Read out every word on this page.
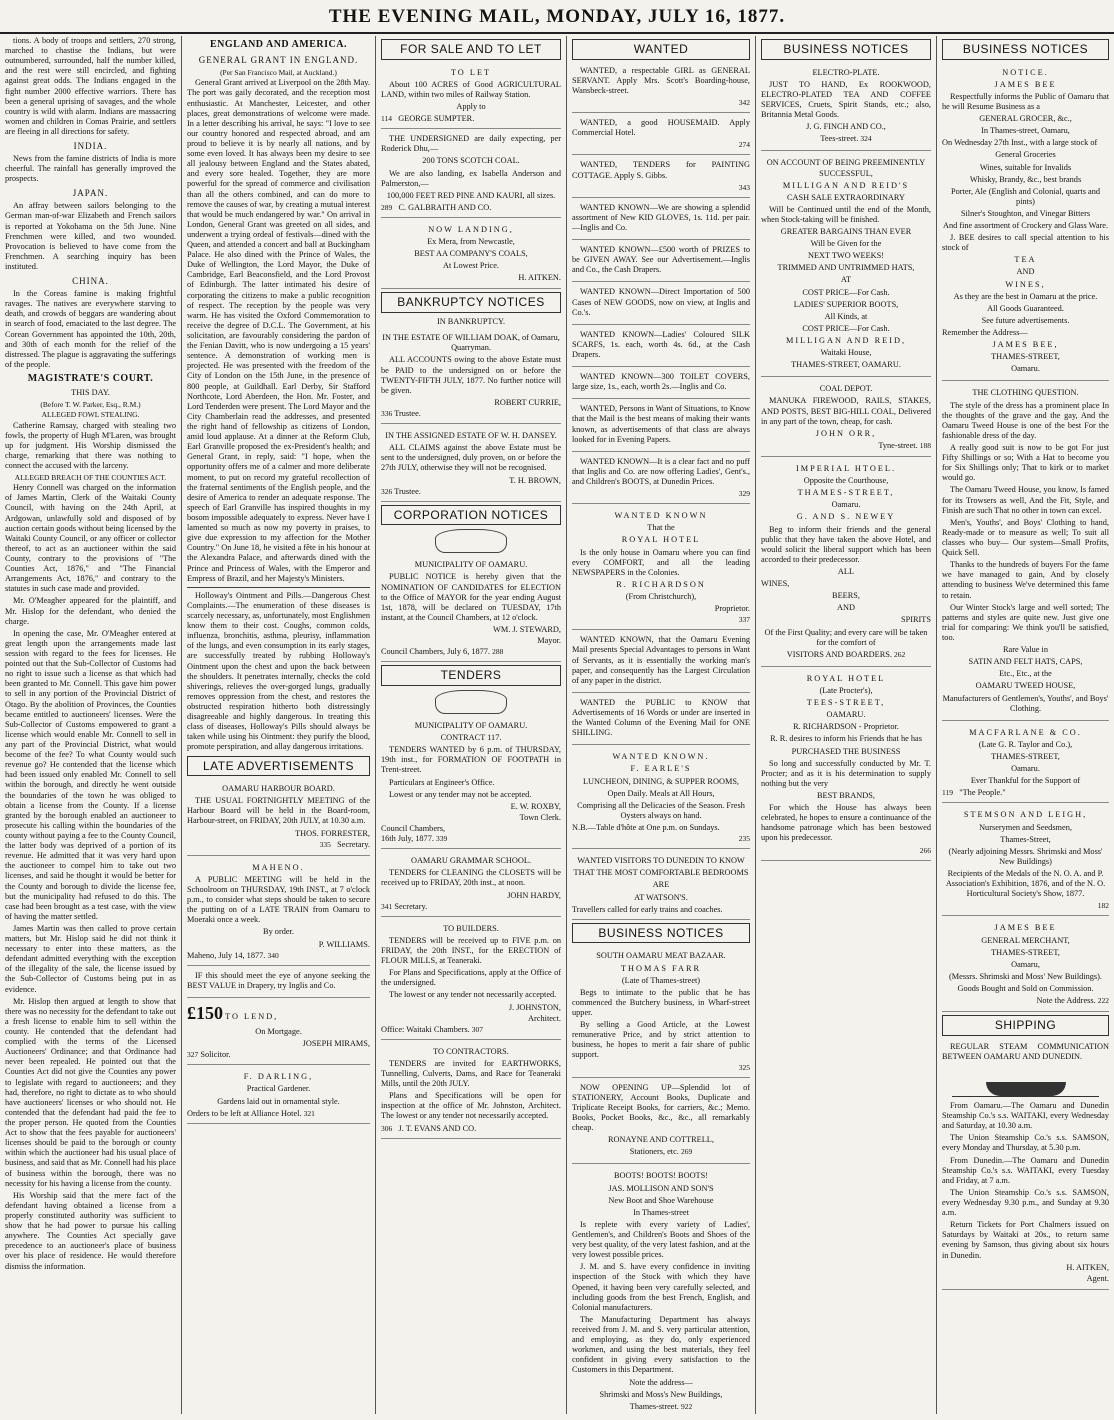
THE EVENING MAIL, MONDAY, JULY 16, 1877.

tions. A body of troops and settlers, 270 strong, marched to chastise the Indians, but were outnumbered, surrounded, half the number killed, and the rest were still encircled, and fighting against great odds. The Indians engaged in the fight number 2000 effective warriors. There has been a general uprising of savages, and the whole country is wild with alarm. Indians are massacring women and children in Comas Prairie, and settlers are fleeing in all directions for safety.

INDIA.

News from the famine districts of India is more cheerful. The rainfall has generally improved the prospects.

JAPAN.

An affray between sailors belonging to the German man-of-war Elizabeth and French sailors is reported at Yokohama on the 5th June. Nine Frenchmen were killed, and two wounded. Provocation is believed to have come from the Frenchmen. A searching inquiry has been instituted.

CHINA.

In the Coreas famine is making frightful ravages. The natives are everywhere starving to death, and crowds of beggars are wandering about in search of food, emaciated to the last degree. The Corean Government has appointed the 10th, 20th, and 30th of each month for the relief of the distressed. The plague is aggravating the sufferings of the people.

MAGISTRATE'S COURT.
THIS DAY.
(Before T. W. Parker, Esq., R.M.)
ALLEGED FOWL STEALING.

Catherine Ramsay, charged with stealing two fowls, the property of Hugh M'Laren, was brought up for judgment. His Worship dismissed the charge, remarking that there was nothing to connect the accused with the larceny.

ALLEGED BREACH OF THE COUNTIES ACT.

Henry Connell was charged on the information of James Martin, Clerk of the Waitaki County Council, with having on the 24th April, at Ardgowan, unlawfully sold and disposed of by auction certain goods without being licensed by the Waitaki County Council, or any officer or collector thereof, to act as an auctioneer within the said County, contrary to the provisions of "The Counties Act, 1876," and "The Financial Arrangements Act, 1876," and contrary to the statutes in such case made and provided.

Mr. O'Meagher appeared for the plaintiff, and Mr. Hislop for the defendant, who denied the charge.

In opening the case, Mr. O'Meagher entered at great length upon the arrangements made last session with regard to the fees for licenses. He pointed out that the Sub-Collector of Customs had no right to issue such a license as that which had been granted to Mr. Connell. This gave him power to sell in any portion of the Provincial District of Otago. By the abolition of Provinces, the Counties became entitled to auctioneers' licenses. Were the Sub-Collector of Customs empowered to grant a license which would enable Mr. Connell to sell in any part of the Provincial District, what would become of the fee? To what County would such revenue go? He contended that the license which had been issued only enabled Mr. Connell to sell within the borough, and directly he went outside the boundaries of the town he was obliged to obtain a license from the County. If a license granted by the borough enabled an auctioneer to prosecute his calling within the boundaries of the county without paying a fee to the County Council, the latter body was deprived of a portion of its revenue. He admitted that it was very hard upon the auctioneer to compel him to take out two licenses, and said he thought it would be better for the County and borough to divide the license fee, but the municipality had refused to do this. The case had been brought as a test case, with the view of having the matter settled.

James Martin was then called to prove certain matters, but Mr. Hislop said he did not think it necessary to enter into these matters, as the defendant admitted everything with the exception of the illegality of the sale, the license issued by the Sub-Collector of Customs being put in as evidence.

Mr. Hislop then argued at length to show that there was no necessity for the defendant to take out a fresh license to enable him to sell within the county. He contended that the defendant had complied with the terms of the Licensed Auctioneers' Ordinance; and that Ordinance had never been repealed. He pointed out that the Counties Act did not give the Counties any power to legislate with regard to auctioneers; and they had, therefore, no right to dictate as to who should have auctioneers' licenses or who should not. He contended that the defendant had paid the fee to the proper person. He quoted from the Counties Act to show that the fees payable for auctioneers' licenses should be paid to the borough or county within which the auctioneer had his usual place of business, and said that as Mr. Connell had his place of business within the borough, there was no necessity for his having a license from the county.

His Worship said that the mere fact of the defendant having obtained a license from a properly constituted authority was sufficient to show that he had power to pursue his calling anywhere. The Counties Act specially gave precedence to an auctioneer's place of business over his place of residence. He would therefore dismiss the information.

ENGLAND AND AMERICA.
GENERAL GRANT IN ENGLAND.
(Per San Francisco Mail, at Auckland.)

General Grant arrived at Liverpool on the 28th May. The port was gaily decorated, and the reception most enthusiastic. At Manchester, Leicester, and other places, great demonstrations of welcome were made. In a letter describing his arrival, he says: "I love to see our country honored and respected abroad, and am proud to believe it is by nearly all nations, and by some even loved. It has always been my desire to see all jealousy between England and the States abated, and every sore healed. Together, they are more powerful for the spread of commerce and civilisation than all the others combined, and can do more to remove the causes of war, by creating a mutual interest that would be much endangered by war." On arrival in London, General Grant was greeted on all sides, and underwent a trying ordeal of festivals—dined with the Queen, and attended a concert and ball at Buckingham Palace. He also dined with the Prince of Wales, the Duke of Wellington, the Lord Mayor, the Duke of Cambridge, Earl Beaconsfield, and the Lord Provost of Edinburgh. The latter intimated his desire of corporating the citizens to make a public recognition of respect. The reception by the people was very warm. He has visited the Oxford Commemoration to receive the degree of D.C.L. The Government, at his solicitation, are favourably considering the pardon of the Fenian Davitt, who is now undergoing a 15 years' sentence. A demonstration of working men is projected. He was presented with the freedom of the City of London on the 15th June, in the presence of 800 people, at Guildhall. Earl Derby, Sir Stafford Northcote, Lord Aberdeen, the Hon. Mr. Foster, and Lord Tenderden were present. The Lord Mayor and the City Chamberlain read the addresses, and presented the right hand of fellowship as citizens of London, amid loud applause. At a dinner at the Reform Club, Earl Granville proposed the ex-President's health; and General Grant, in reply, said: "I hope, when the opportunity offers me of a calmer and more deliberate moment, to put on record my grateful recollection of the fraternal sentiments of the English people, and the desire of America to render an adequate response. The speech of Earl Granville has inspired thoughts in my bosom impossible adequately to express. Never have I lamented so much as now my poverty in praises, to give due expression to my affection for the Mother Country." On June 18, he visited a fête in his honour at the Alexandra Palace, and afterwards dined with the Prince and Princess of Wales, with the Emperor and Empress of Brazil, and her Majesty's Ministers.

Holloway's Ointment and Pills.—Dangerous Chest Complaints.—The enumeration of these diseases is scarcely necessary, as, unfortunately, most Englishmen know them to their cost. Coughs, common colds, influenza, bronchitis, asthma, pleurisy, inflammation of the lungs, and even consumption in its early stages, are successfully treated by rubbing Holloway's Ointment upon the chest and upon the back between the shoulders. It penetrates internally, checks the cold shiverings, relieves the over-gorged lungs, gradually removes oppression from the chest, and restores the obstructed respiration hitherto both distressingly disagreeable and highly dangerous. In treating this class of diseases, Holloway's Pills should always be taken while using his Ointment: they purify the blood, promote perspiration, and allay dangerous irritations.

LATE ADVERTISEMENTS
OAMARU HARBOUR BOARD.

THE USUAL FORTNIGHTLY MEETING of the Harbour Board will be held in the Board-room, Harbour-street, on FRIDAY, 20th JULY, at 10.30 a.m.

THOS. FORRESTER,
335 Secretary.
MAHENO.

A PUBLIC MEETING will be held in the Schoolroom on THURSDAY, 19th INST., at 7 o'clock p.m., to consider what steps should be taken to secure the putting on of a LATE TRAIN from Oamaru to Moeraki once a week.

By order.
P. WILLIAMS.
Maheno, July 14, 1877. 340

IF this should meet the eye of anyone seeking the BEST VALUE in Drapery, try Inglis and Co.

£150 TO LEND,
On Mortgage.
JOSEPH MIRAMS,
327 Solicitor.
F. DARLING,
Practical Gardener.
Gardens laid out in ornamental style.
Orders to be left at Alliance Hotel. 321
FOR SALE AND TO LET
TO LET

About 100 ACRES of Good AGRICULTURAL LAND, within two miles of Railway Station.

Apply to
114 GEORGE SUMPTER.

THE UNDERSIGNED are daily expecting, per Roderick Dhu,—

200 TONS SCOTCH COAL.

We are also landing, ex Isabella Anderson and Palmerston,—

100,000 FEET RED PINE AND KAURI, all sizes.
289 C. GALBRAITH AND CO.
NOW LANDING,
Ex Mera, from Newcastle,
BEST AA COMPANY'S COALS,
At Lowest Price.
H. AITKEN.
BANKRUPTCY NOTICES
IN BANKRUPTCY.
IN THE ESTATE OF WILLIAM DOAK, of Oamaru, Quarryman.

ALL ACCOUNTS owing to the above Estate must be PAID to the undersigned on or before the TWENTY-FIFTH JULY, 1877. No further notice will be given.

ROBERT CURRIE,
336 Trustee.
IN THE ASSIGNED ESTATE OF W. H. DANSEY.

ALL CLAIMS against the above Estate must be sent to the undersigned, duly proven, on or before the 27th JULY, otherwise they will not be recognised.

T. H. BROWN,
326 Trustee.
CORPORATION NOTICES
MUNICIPALITY OF OAMARU.

PUBLIC NOTICE is hereby given that the NOMINATION OF CANDIDATES for ELECTION to the Office of MAYOR for the year ending August 1st, 1878, will be declared on TUESDAY, 17th instant, at the Council Chambers, at 12 o'clock.

WM. J. STEWARD,
Mayor.
Council Chambers, July 6, 1877. 288
TENDERS
MUNICIPALITY OF OAMARU.
CONTRACT 117.

TENDERS WANTED by 6 p.m. of THURSDAY, 19th inst., for FORMATION OF FOOTPATH in Trent-street.

Particulars at Engineer's Office.

Lowest or any tender may not be accepted.

E. W. ROXBY,
Town Clerk.
Council Chambers,
16th July, 1877. 339
OAMARU GRAMMAR SCHOOL.

TENDERS for CLEANING the CLOSETS will be received up to FRIDAY, 20th inst., at noon.

JOHN HARDY,
341 Secretary.
TO BUILDERS.

TENDERS will be received up to FIVE p.m. on FRIDAY, the 20th INST., for the ERECTION of FLOUR MILLS, at Teaneraki.

For Plans and Specifications, apply at the Office of the undersigned.

The lowest or any tender not necessarily accepted.

J. JOHNSTON,
Architect.
Office: Waitaki Chambers. 307
TO CONTRACTORS.

TENDERS are invited for EARTHWORKS, Tunnelling, Culverts, Dams, and Race for Teaneraki Mills, until the 20th JULY.

Plans and Specifications will be open for inspection at the office of Mr. Johnston, Architect. The lowest or any tender not necessarily accepted.

306 J. T. EVANS AND CO.
WANTED

WANTED, a respectable GIRL as GENERAL SERVANT. Apply Mrs. Scott's Boarding-house, Wansbeck-street.

342

WANTED, a good HOUSEMAID. Apply Commercial Hotel.

274

WANTED, TENDERS for PAINTING COTTAGE. Apply S. Gibbs.

343

WANTED KNOWN—We are showing a splendid assortment of New KID GLOVES, 1s. 11d. per pair.—Inglis and Co.

WANTED KNOWN—£500 worth of PRIZES to be GIVEN AWAY. See our Advertisement.—Inglis and Co., the Cash Drapers.

WANTED KNOWN—Direct Importation of 500 Cases of NEW GOODS, now on view, at Inglis and Co.'s.

WANTED KNOWN—Ladies' Coloured SILK SCARFS, 1s. each, worth 4s. 6d., at the Cash Drapers.

WANTED KNOWN—300 TOILET COVERS, large size, 1s., each, worth 2s.—Inglis and Co.

WANTED, Persons in Want of Situations, to Know that the Mail is the best means of making their wants known, as advertisements of that class are always looked for in Evening Papers.

WANTED KNOWN—It is a clear fact and no puff that Inglis and Co. are now offering Ladies', Gent's., and Children's BOOTS, at Dunedin Prices.

329
WANTED KNOWN
That the
ROYAL HOTEL

Is the only house in Oamaru where you can find every COMFORT, and all the leading NEWSPAPERS in the Colonies.

R. RICHARDSON
(From Christchurch),
Proprietor.
337

WANTED KNOWN, that the Oamaru Evening Mail presents Special Advantages to persons in Want of Servants, as it is essentially the working man's paper, and consequently has the Largest Circulation of any paper in the district.

WANTED the PUBLIC to KNOW that Advertisements of 16 Words or under are inserted in the Wanted Column of the Evening Mail for ONE SHILLING.

WANTED KNOWN.
F. EARLE'S
LUNCHEON, DINING, & SUPPER ROOMS,
Open Daily. Meals at All Hours,
Comprising all the Delicacies of the Season. Fresh Oysters always on hand.
N.B.—Table d'hôte at One p.m. on Sundays.
235
WANTED VISITORS TO DUNEDIN TO KNOW
THAT THE MOST COMFORTABLE BEDROOMS
ARE
AT WATSON'S.
Travellers called for early trains and coaches.
BUSINESS NOTICES
SOUTH OAMARU MEAT BAZAAR.
THOMAS FARR
(Late of Thames-street)

Begs to intimate to the public that he has commenced the Butchery business, in Wharf-street upper.

By selling a Good Article, at the Lowest remunerative Price, and by strict attention to business, he hopes to merit a fair share of public support.

325

NOW OPENING UP—Splendid lot of STATIONERY, Account Books, Duplicate and Triplicate Receipt Books, for carriers, &c.; Memo. Books, Pocket Books, &c., &c., all remarkably cheap.

RONAYNE AND COTTRELL,
Stationers, etc. 269
BOOTS! BOOTS! BOOTS!
JAS. MOLLISON AND SON'S
New Boot and Shoe Warehouse
In Thames-street

Is replete with every variety of Ladies', Gentlemen's, and Children's Boots and Shoes of the very best quality, of the very latest fashion, and at the very lowest possible prices.

J. M. and S. have every confidence in inviting inspection of the Stock with which they have Opened, it having been very carefully selected, and including goods from the best French, English, and Colonial manufacturers.

The Manufacturing Department has always received from J. M. and S. very particular attention, and employing, as they do, only experienced workmen, and using the best materials, they feel confident in giving every satisfaction to the Customers in this Department.

Note the address—
Shrimski and Moss's New Buildings,
Thames-street. 922
BUSINESS NOTICES
ELECTRO-PLATE.

JUST TO HAND, Ex ROOKWOOD, ELECTRO-PLATED TEA AND COFFEE SERVICES, Cruets, Spirit Stands, etc.; also, Britannia Metal Goods.

J. G. FINCH AND CO.,
Tees-street. 324
ON ACCOUNT OF BEING PREEMINENTLY SUCCESSFUL,
MILLIGAN AND REID'S
CASH SALE EXTRAORDINARY

Will be Continued until the end of the Month, when Stock-taking will be finished.

GREATER BARGAINS THAN EVER
Will be Given for the
NEXT TWO WEEKS!
TRIMMED AND UNTRIMMED HATS,
AT
COST PRICE—For Cash.
LADIES' SUPERIOR BOOTS,
All Kinds, at
COST PRICE—For Cash.
MILLIGAN AND REID,
Waitaki House,
THAMES-STREET, OAMARU.
COAL DEPOT.

MANUKA FIREWOOD, RAILS, STAKES, AND POSTS, BEST BIG-HILL COAL, Delivered in any part of the town, cheap, for cash.

JOHN ORR,
Tyne-street. 188
IMPERIAL HTOEL.
Opposite the Courthouse,
THAMES-STREET,
Oamaru.
G. AND S. NEWEY

Beg to inform their friends and the general public that they have taken the above Hotel, and would solicit the liberal support which has been accorded to their predecessor.

ALL
WINES,
BEERS,
AND
SPIRITS
Of the First Quality; and every care will be taken for the comfort of
VISITORS AND BOARDERS. 262
ROYAL HOTEL
(Late Procter's),
TEES-STREET,
OAMARU.
R. RICHARDSON - Proprietor.
R. R. desires to inform his Friends that he has
PURCHASED THE BUSINESS

So long and successfully conducted by Mr. T. Procter; and as it is his determination to supply nothing but the very

BEST BRANDS,

For which the House has always been celebrated, he hopes to ensure a continuance of the handsome patronage which has been bestowed upon his predecessor.

266
BUSINESS NOTICES
NOTICE.
JAMES BEE

Respectfully informs the Public of Oamaru that he will Resume Business as a

GENERAL GROCER, &c.,
In Thames-street, Oamaru,
On Wednesday 27th Inst., with a large stock of
General Groceries
Wines, suitable for Invalids
Whisky, Brandy, &c., best brands
Porter, Ale (English and Colonial, quarts and pints)
Silner's Stoughton, and Vinegar Bitters
And fine assortment of Crockery and Glass Ware.

J. BEE desires to call special attention to his stock of

TEA
AND
WINES,
As they are the best in Oamaru at the price.
All Goods Guaranteed.
See future advertisements.
Remember the Address—
JAMES BEE,
THAMES-STREET,
Oamaru.
THE CLOTHING QUESTION.

The style of the dress has a prominent place In the thoughts of the grave and the gay, And the Oamaru Tweed House is one of the best For the fashionable dress of the day.

A really good suit is now to be got For just Fifty Shillings or so; With a Hat to become you for Six Shillings only; That to kirk or to market would go.

The Oamaru Tweed House, you know, Is famed for its Trowsers as well, And the Fit, Style, and Finish are such That no other in town can excel.

Men's, Youths', and Boys' Clothing to hand, Ready-made or to measure as well; To suit all classes who buy— Our system—Small Profits, Quick Sell.

Thanks to the hundreds of buyers For the fame we have managed to gain, And by closely attending to business We've determined this fame to retain.

Our Winter Stock's large and well sorted; The patterns and styles are quite new. Just give one trial for comparing: We think you'll be satisfied, too.

Rare Value in
SATIN AND FELT HATS, CAPS,
Etc., Etc., at the
OAMARU TWEED HOUSE,
Manufacturers of Gentlemen's, Youths', and Boys' Clothing.
MACFARLANE & CO.
(Late G. R. Taylor and Co.),
THAMES-STREET,
Oamaru.
Ever Thankful for the Support of
119 "The People."
STEMSON AND LEIGH,
Nurserymen and Seedsmen,
Thames-Street,
(Nearly adjoining Messrs. Shrimski and Moss' New Buildings)
Recipients of the Medals of the N. O. A. and P. Association's Exhibition, 1876, and of the N. O. Horticultural Society's Show, 1877.
182
JAMES BEE
GENERAL MERCHANT,
THAMES-STREET,
Oamaru,
(Messrs. Shrimski and Moss' New Buildings).
Goods Bought and Sold on Commission.
Note the Address. 222
SHIPPING

REGULAR STEAM COMMUNICATION BETWEEN OAMARU AND DUNEDIN.

From Oamaru.—The Oamaru and Dunedin Steamship Co.'s s.s. WAITAKI, every Wednesday and Saturday, at 10.30 a.m.

The Union Steamship Co.'s s.s. SAMSON, every Monday and Thursday, at 5.30 p.m.

From Dunedin.—The Oamaru and Dunedin Steamship Co.'s s.s. WAITAKI, every Tuesday and Friday, at 7 a.m.

The Union Steamship Co.'s s.s. SAMSON, every Wednesday 9.30 p.m., and Sunday at 9.30 a.m.

Return Tickets for Port Chalmers issued on Saturdays by Waitaki at 20s., to return same evening by Samson, thus giving about six hours in Dunedin.

H. AITKEN,
Agent.
